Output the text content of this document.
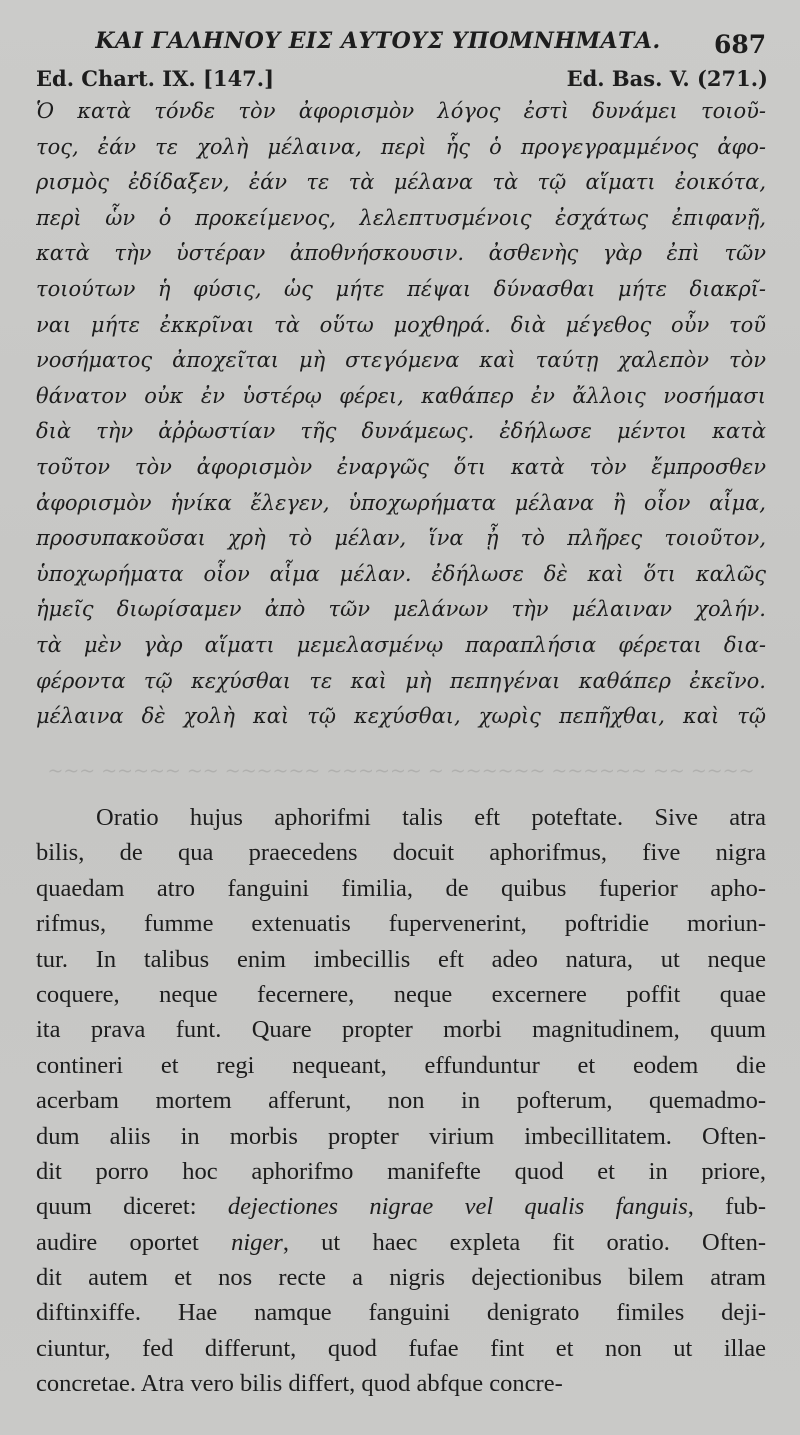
ΚΑΙ ΓΑΛΗΝΟΥ ΕΙΣ ΑΥΤΟΥΣ ΥΠΟΜΝΗΜΑΤΑ. 687
Ed. Chart. IX. [147.]	Ed. Bas. V. (271.)
Ὁ κατὰ τόνδε τὸν ἀφορισμὸν λόγος ἐστὶ δυνάμει τοιοῦ-
τος, ἐάν τε χολὴ μέλαινα, περὶ ἧς ὁ προγεγραμμένος ἀφο-
ρισμὸς ἐδίδαξεν, ἐάν τε τὰ μέλανα τὰ τῷ αἵματι ἐοικότα,
περὶ ὧν ὁ προκείμενος, λελεπτυσμένοις ἐσχάτως ἐπιφανῇ,
κατὰ τὴν ὑστέραν ἀποθνήσκουσιν. ἀσθενὴς γὰρ ἐπὶ τῶν
τοιούτων ἡ φύσις, ὡς μήτε πέψαι δύνασθαι μήτε διακρῖ-
ναι μήτε ἐκκρῖναι τὰ οὕτω μοχθηρά. διὰ μέγεθος οὖν τοῦ
νοσήματος ἀποχεῖται μὴ στεγόμενα καὶ ταύτῃ χαλεπὸν τὸν
θάνατον οὐκ ἐν ὑστέρῳ φέρει, καθάπερ ἐν ἄλλοις νοσήμασι
διὰ τὴν ἀῤῥωστίαν τῆς δυνάμεως. ἐδήλωσε μέντοι κατὰ
τοῦτον τὸν ἀφορισμὸν ἐναργῶς ὅτι κατὰ τὸν ἔμπροσθεν
ἀφορισμὸν ἡνίκα ἔλεγεν, ὑποχωρήματα μέλανα ἢ οἷον αἷμα,
προσυπακοῦσαι χρὴ τὸ μέλαν, ἵνα ᾖ τὸ πλῆρες τοιοῦτον,
ὑποχωρήματα οἷον αἷμα μέλαν. ἐδήλωσε δὲ καὶ ὅτι καλῶς
ἡμεῖς διωρίσαμεν ἀπὸ τῶν μελάνων τὴν μέλαιναν χολήν.
τὰ μὲν γὰρ αἵματι μεμελασμένῳ παραπλήσια φέρεται δια-
φέροντα τῷ κεχύσθαι τε καὶ μὴ πεπηγέναι καθάπερ ἐκεῖνο.
μέλαινα δὲ χολὴ καὶ τῷ κεχύσθαι, χωρὶς πεπῆχθαι, καὶ τῷ
~~~ ~~~~~ ~~ ~~~~~~ ~~~~~~ ~ ~~~~~~ ~~~~~~ ~~ ~~~~
Oratio hujus aphorifmi talis eft poteftate. Sive atra
bilis, de qua praecedens docuit aphorifmus, five nigra
quaedam atro fanguini fimilia, de quibus fuperior apho-
rifmus, fumme extenuatis fupervenerint, poftridie moriun-
tur. In talibus enim imbecillis eft adeo natura, ut neque
coquere, neque fecernere, neque excernere poffit quae
ita prava funt. Quare propter morbi magnitudinem, quum
contineri et regi nequeant, effunduntur et eodem die
acerbam mortem afferunt, non in pofterum, quemadmo-
dum aliis in morbis propter virium imbecillitatem. Often-
dit porro hoc aphorifmo manifefte quod et in priore,
quum diceret: dejectiones nigrae vel qualis fanguis, fub-
audire oportet niger, ut haec expleta fit oratio. Often-
dit autem et nos recte a nigris dejectionibus bilem atram
diftinxiffe. Hae namque fanguini denigrato fimiles deji-
ciuntur, fed differunt, quod fufae fint et non ut illae
concretae. Atra vero bilis differt, quod abfque concre-
